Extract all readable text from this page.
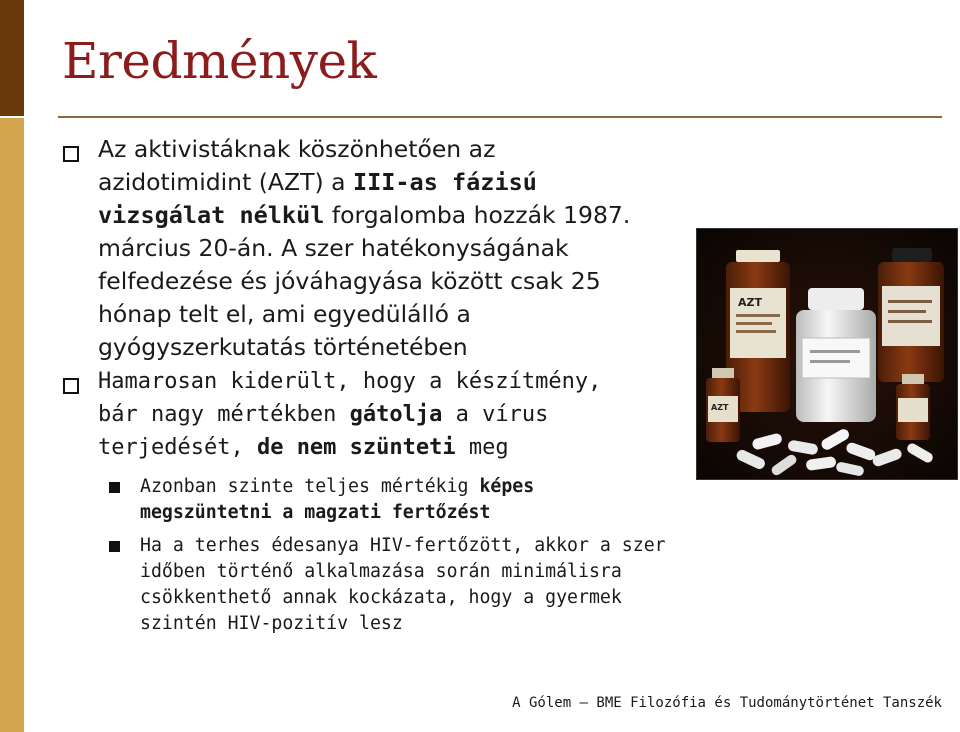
Eredmények
Az aktivistáknak köszönhetően az
azidotimidint (AZT) a III-as fázisú
vizsgálat nélkül forgalomba hozzák 1987.
március 20-án. A szer hatékonyságának
felfedezése és jóváhagyása között csak 25
hónap telt el, ami egyedülálló a
gyógyszerkutatás történetében
Hamarosan kiderült, hogy a készítmény,
bár nagy mértékben gátolja a vírus
terjedését, de nem szünteti meg
Azonban szinte teljes mértékig képes
megszüntetni a magzati fertőzést
Ha a terhes édesanya HIV-fertőzött, akkor a szer
időben történő alkalmazása során minimálisra
csökkenthető annak kockázata, hogy a gyermek
szintén HIV-pozitív lesz
AZT
AZT
A Gólem — BME Filozófia és Tudománytörténet Tanszék
